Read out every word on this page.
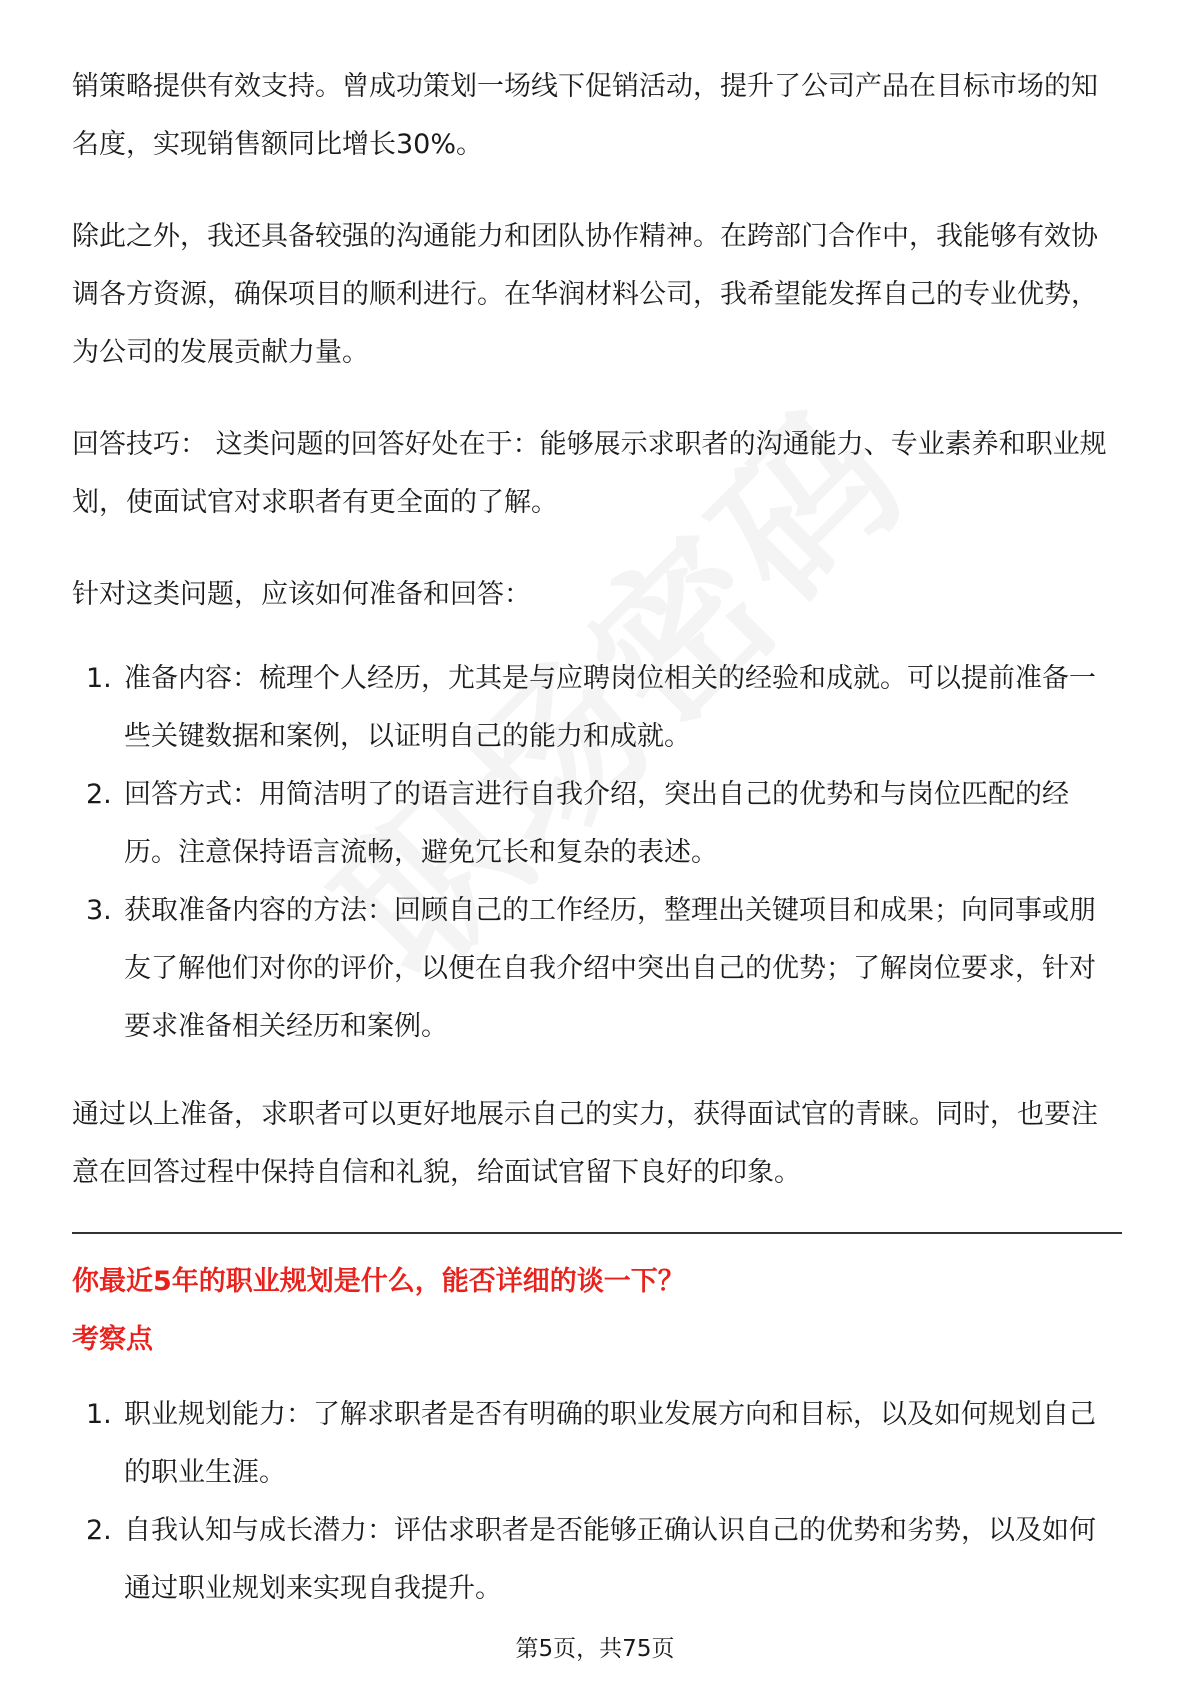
销策略提供有效支持。曾成功策划一场线下促销活动，提升了公司产品在目标市场的知名度，实现销售额同比增长30%。

除此之外，我还具备较强的沟通能力和团队协作精神。在跨部门合作中，我能够有效协调各方资源，确保项目的顺利进行。在华润材料公司，我希望能发挥自己的专业优势，为公司的发展贡献力量。

回答技巧： 这类问题的回答好处在于：能够展示求职者的沟通能力、专业素养和职业规划，使面试官对求职者有更全面的了解。

针对这类问题，应该如何准备和回答：

1. 准备内容：梳理个人经历，尤其是与应聘岗位相关的经验和成就。可以提前准备一些关键数据和案例，以证明自己的能力和成就。
2. 回答方式：用简洁明了的语言进行自我介绍，突出自己的优势和与岗位匹配的经历。注意保持语言流畅，避免冗长和复杂的表述。
3. 获取准备内容的方法：回顾自己的工作经历，整理出关键项目和成果；向同事或朋友了解他们对你的评价，以便在自我介绍中突出自己的优势；了解岗位要求，针对要求准备相关经历和案例。

通过以上准备，求职者可以更好地展示自己的实力，获得面试官的青睐。同时，也要注意在回答过程中保持自信和礼貌，给面试官留下良好的印象。

你最近5年的职业规划是什么，能否详细的谈一下？
考察点
1. 职业规划能力：了解求职者是否有明确的职业发展方向和目标，以及如何规划自己的职业生涯。
2. 自我认知与成长潜力：评估求职者是否能够正确认识自己的优势和劣势，以及如何通过职业规划来实现自我提升。
第5页，共75页
